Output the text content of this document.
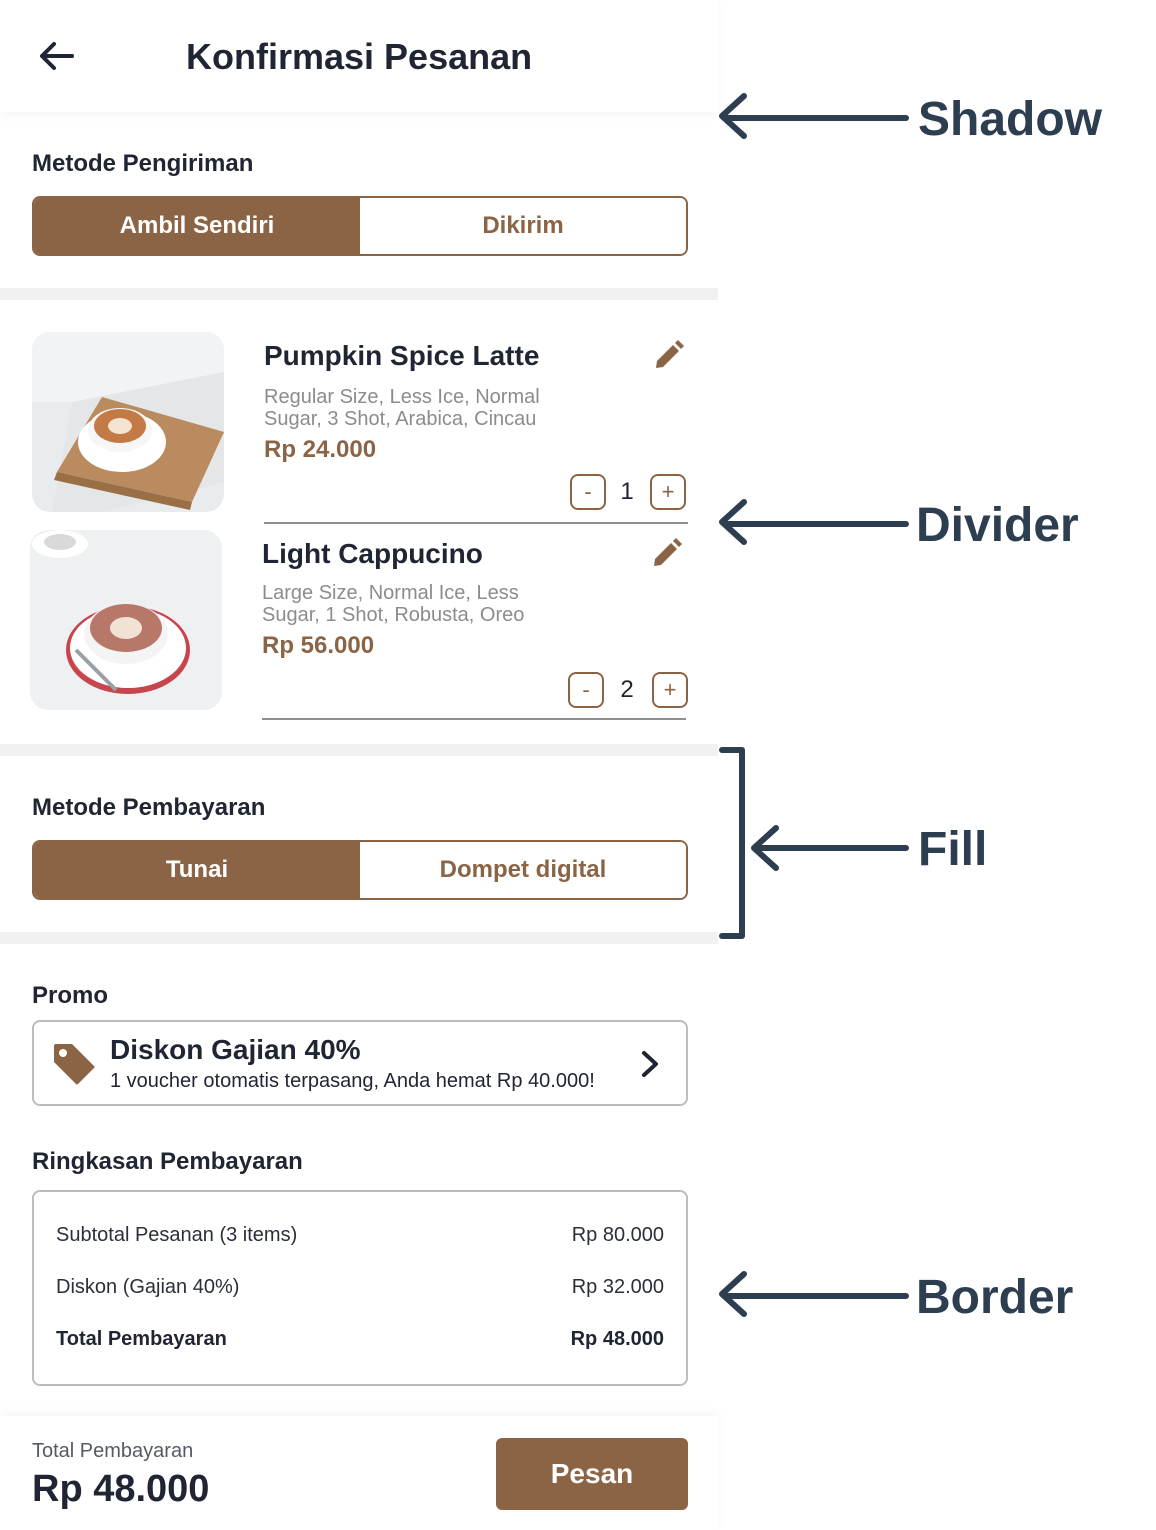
Konfirmasi Pesanan
Metode Pengiriman
Ambil Sendiri	Dikirim
Pumpkin Spice Latte
Regular Size, Less Ice, Normal Sugar, 3 Shot, Arabica, Cincau
Rp 24.000
-	1	+
Light Cappucino
Large Size, Normal Ice, Less Sugar, 1 Shot, Robusta, Oreo
Rp 56.000
-	2	+
Metode Pembayaran
Tunai	Dompet digital
Promo
Diskon Gajian 40%
1 voucher otomatis terpasang, Anda hemat Rp 40.000!
Ringkasan Pembayaran
Subtotal Pesanan (3 items)	Rp 80.000
Diskon (Gajian 40%)	Rp 32.000
Total Pembayaran	Rp 48.000
Total Pembayaran
Rp 48.000	Pesan
Shadow
Divider
Fill
Border
